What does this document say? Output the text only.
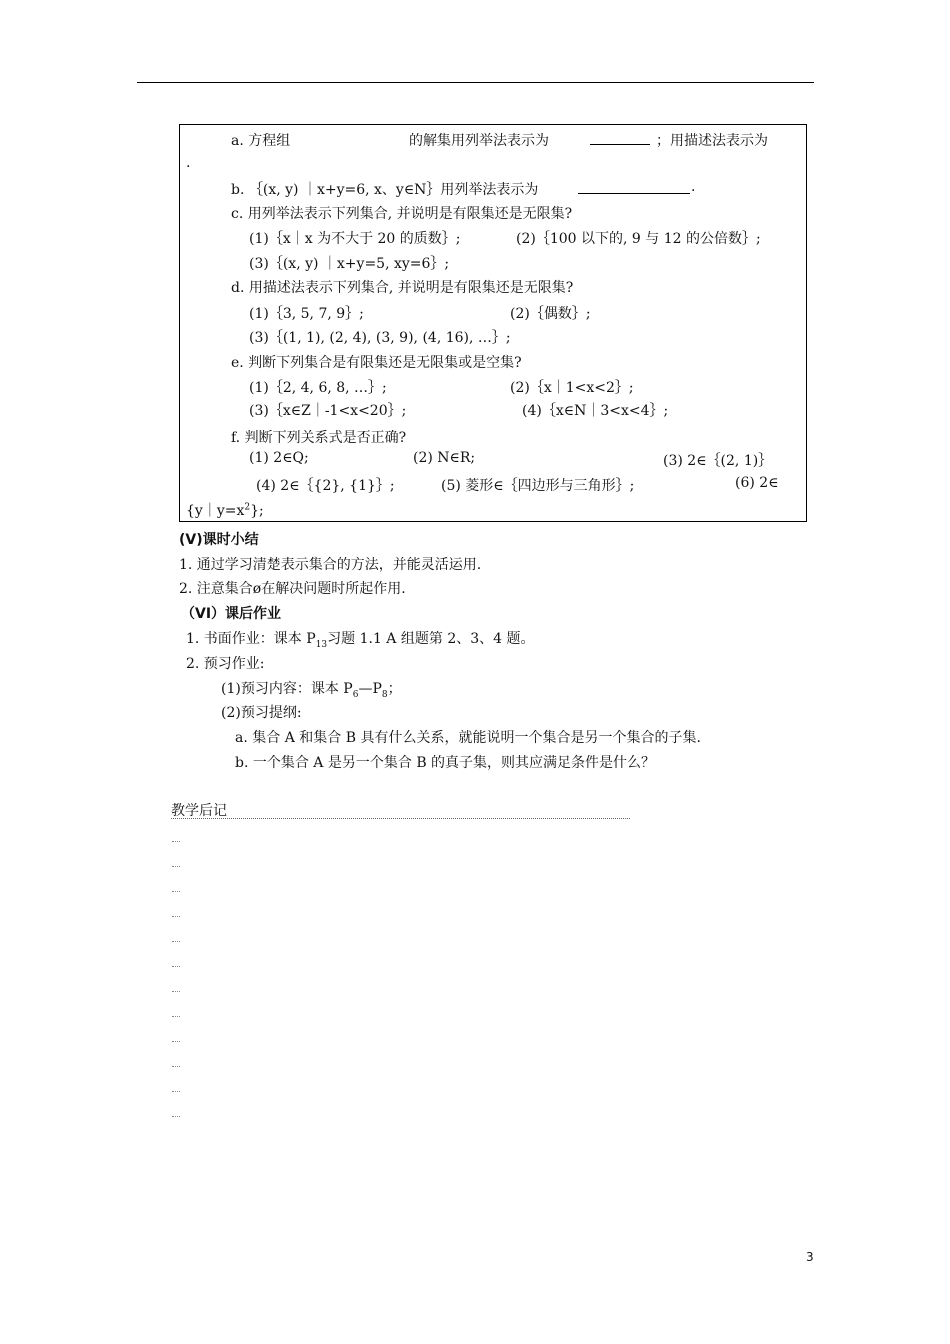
a. 方程组	的解集用列举法表示为	；用描述法表示为
.
b. ｛(x, y) ｜x+y=6, x、y∈N｝用列举法表示为	.
c. 用列举法表示下列集合, 并说明是有限集还是无限集?
(1)｛x｜x 为不大于 20 的质数｝;	(2)｛100 以下的, 9 与 12 的公倍数｝;
(3)｛(x, y) ｜x+y=5, xy=6｝;
d. 用描述法表示下列集合, 并说明是有限集还是无限集?
(1)｛3, 5, 7, 9｝;	(2)｛偶数｝;
(3)｛(1, 1), (2, 4), (3, 9), (4, 16), …｝;
e. 判断下列集合是有限集还是无限集或是空集?
(1)｛2, 4, 6, 8, …｝;	(2)｛x｜1<x<2｝;
(3)｛x∈Z｜-1<x<20｝;	(4)｛x∈N｜3<x<4｝;
f. 判断下列关系式是否正确?
(1) 2∈Q;	(2) N∈R;	(3) 2∈｛(2, 1)｝
(4) 2∈｛{2}, {1}｝;	(5) 菱形∈｛四边形与三角形｝;	(6) 2∈
$\{y|y=x^2\}$;
(V)课时小结
1. 通过学习清楚表示集合的方法，并能灵活运用.
2. 注意集合ø在解决问题时所起作用.
（VI）课后作业
1. 书面作业：课本 $P_{13}$习题 1.1 A 组题第 2、3、4 题。
2. 预习作业:
(1)预习内容：课本 $P_6—P_8$；
(2)预习提纲:
a. 集合 A 和集合 B 具有什么关系，就能说明一个集合是另一个集合的子集.
b. 一个集合 A 是另一个集合 B 的真子集，则其应满足条件是什么？
教学后记
3
